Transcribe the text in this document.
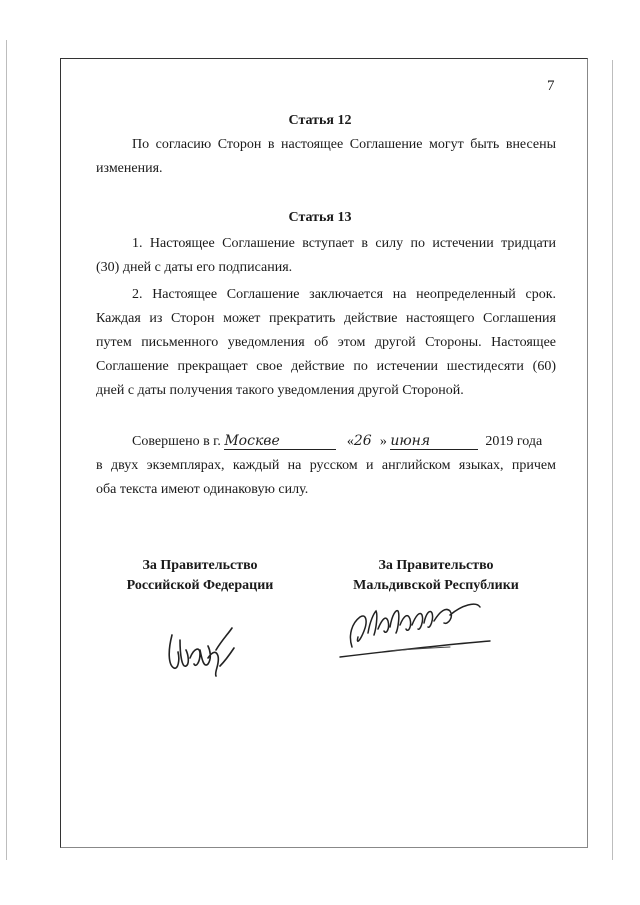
7
Статья 12
По согласию Сторон в настоящее Соглашение могут быть внесены
изменения.
Статья 13
1. Настоящее Соглашение вступает в силу по истечении тридцати
(30) дней с даты его подписания.
2. Настоящее Соглашение заключается на неопределенный срок.
Каждая из Сторон может прекратить действие настоящего Соглашения
путем письменного уведомления об этом другой Стороны. Настоящее
Соглашение прекращает свое действие по истечении шестидесяти (60)
дней с даты получения такого уведомления другой Стороной.
Совершено в г. Москве	«26 » июня	2019 года
в двух экземплярах, каждый на русском и английском языках, причем
оба текста имеют одинаковую силу.
За Правительство
Российской Федерации
За Правительство
Мальдивской Республики
